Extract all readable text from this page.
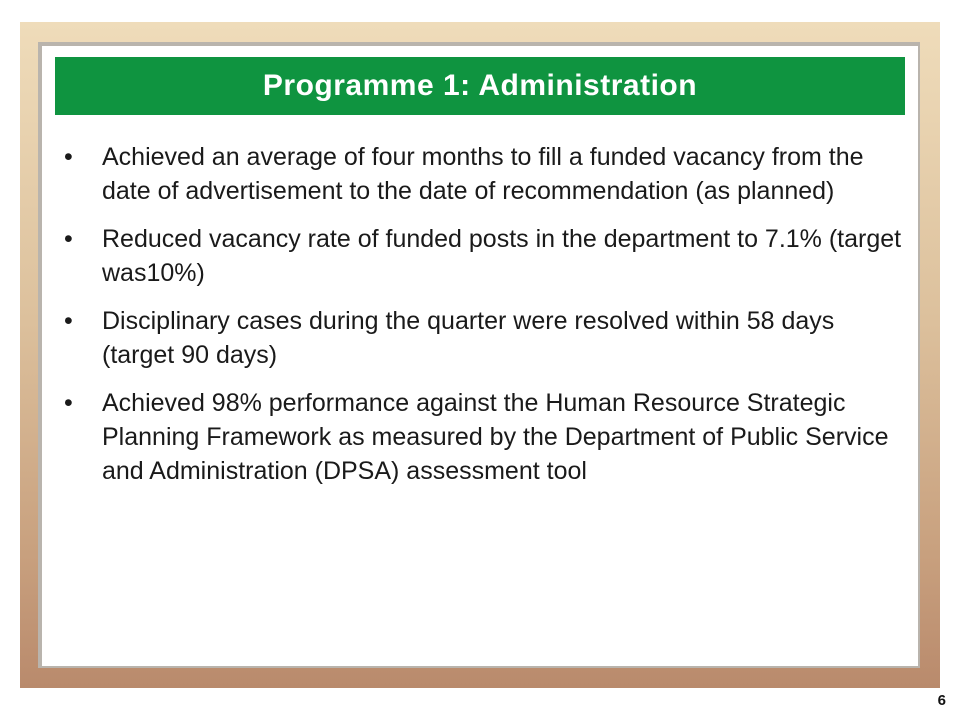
Programme 1: Administration
•	Achieved an average of four months to fill a funded vacancy from the date of advertisement to the date of recommendation (as planned)
•	Reduced vacancy rate of funded posts in the department to 7.1% (target was10%)
•	Disciplinary cases during the quarter were resolved within 58 days (target 90 days)
•	Achieved 98% performance against the Human Resource Strategic Planning Framework as measured by the Department of Public Service and Administration (DPSA) assessment tool
6
